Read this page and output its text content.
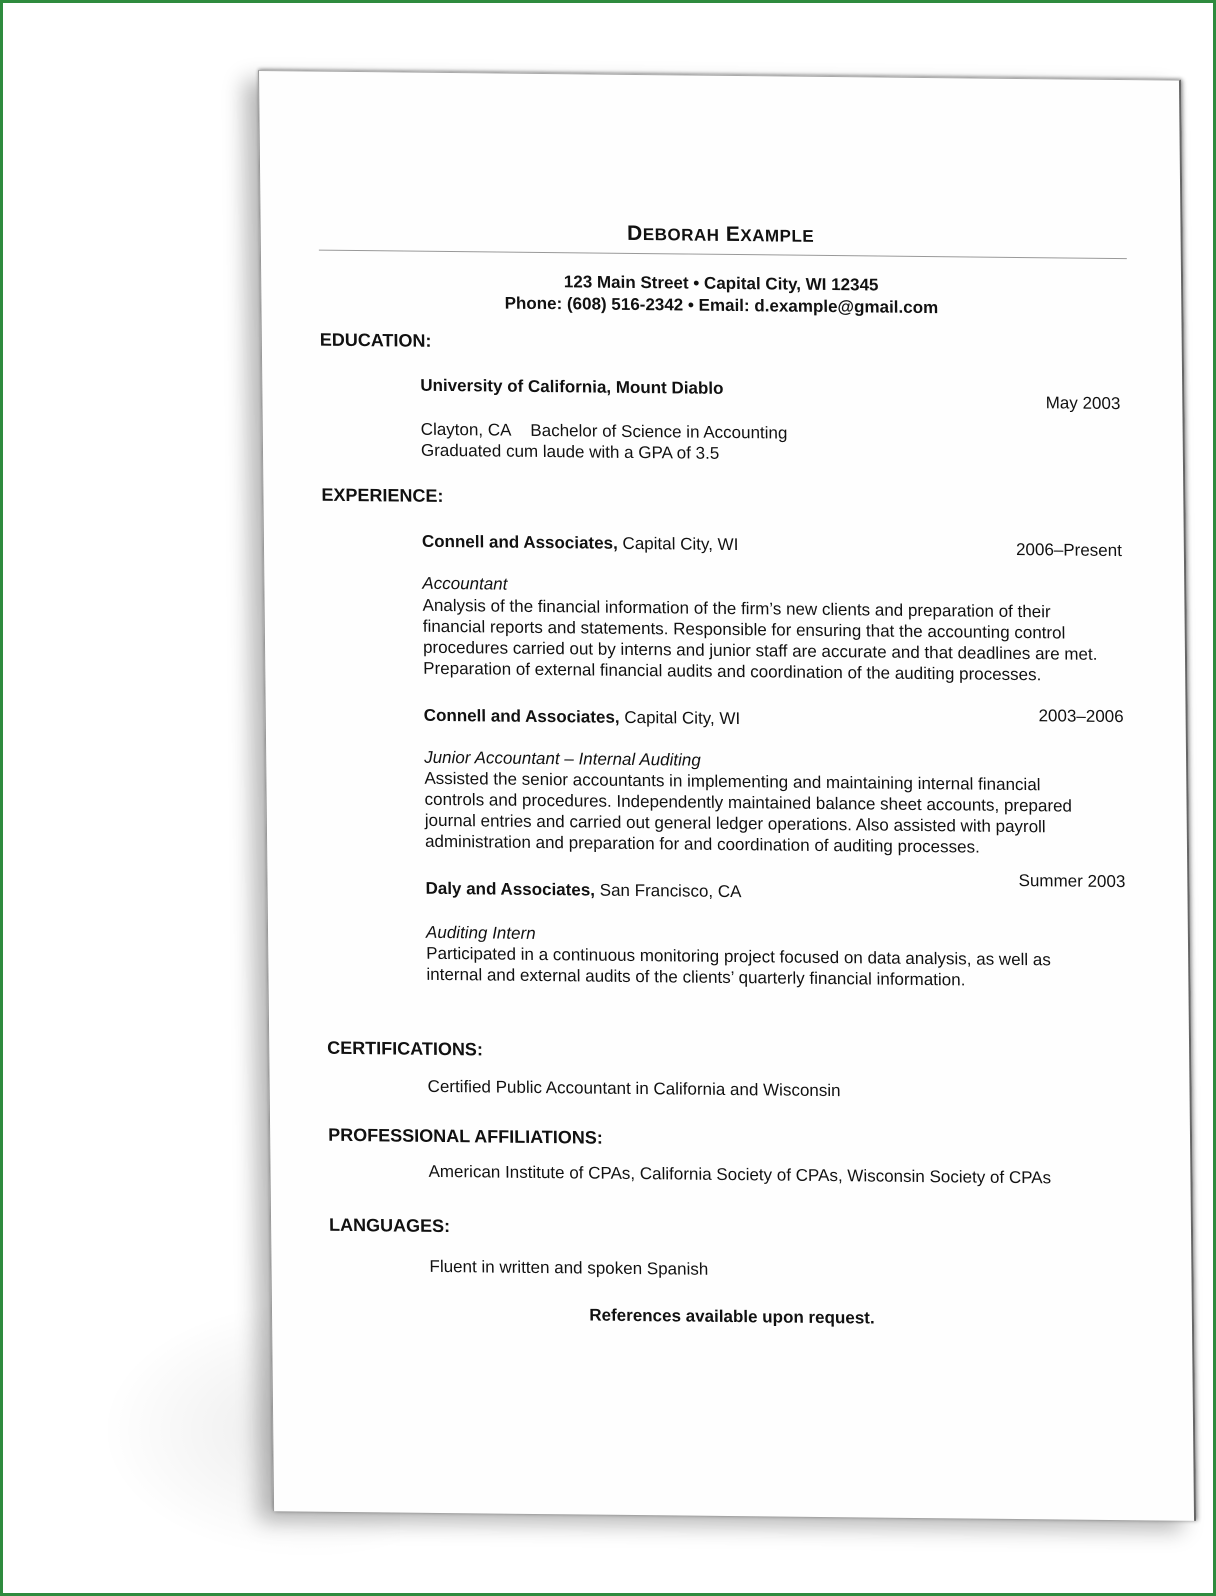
DEBORAH EXAMPLE
123 Main Street • Capital City, WI 12345
Phone: (608) 516-2342 • Email: d.example@gmail.com
EDUCATION:
University of California, Mount Diablo
May 2003
Clayton, CA Bachelor of Science in Accounting
Graduated cum laude with a GPA of 3.5
EXPERIENCE:
Connell and Associates, Capital City, WI	2006–Present
Accountant
Analysis of the financial information of the firm’s new clients and preparation of their
financial reports and statements. Responsible for ensuring that the accounting control
procedures carried out by interns and junior staff are accurate and that deadlines are met.
Preparation of external financial audits and coordination of the auditing processes.
Connell and Associates, Capital City, WI	2003–2006
Junior Accountant – Internal Auditing
Assisted the senior accountants in implementing and maintaining internal financial
controls and procedures. Independently maintained balance sheet accounts, prepared
journal entries and carried out general ledger operations. Also assisted with payroll
administration and preparation for and coordination of auditing processes.
Daly and Associates, San Francisco, CA	Summer 2003
Auditing Intern
Participated in a continuous monitoring project focused on data analysis, as well as
internal and external audits of the clients’ quarterly financial information.
CERTIFICATIONS:
Certified Public Accountant in California and Wisconsin
PROFESSIONAL AFFILIATIONS:
American Institute of CPAs, California Society of CPAs, Wisconsin Society of CPAs
LANGUAGES:
Fluent in written and spoken Spanish
References available upon request.
